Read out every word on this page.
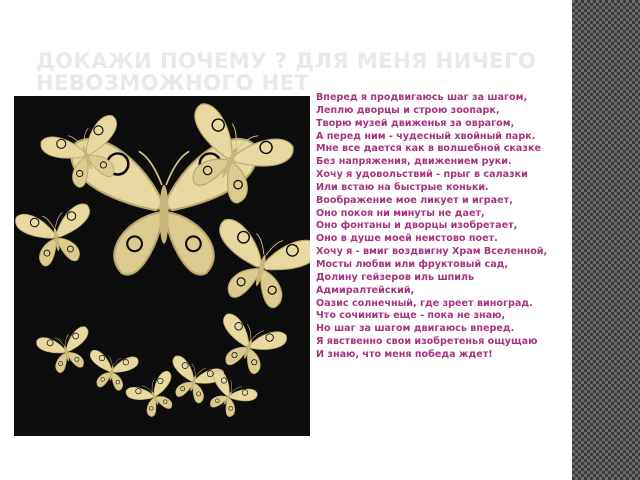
ДОКАЖИ ПОЧЕМУ ? ДЛЯ МЕНЯ НИЧЕГО НЕВОЗМОЖНОГО НЕТ
Вперед я продвигаюсь шаг за шагом,
Леплю дворцы и строю зоопарк,
Творю музей движенья за оврагом,
А перед ним - чудесный хвойный парк.
Мне все дается как в волшебной сказке
Без напряжения, движением руки.
Хочу я удовольствий - прыг в салазки
Или встаю на быстрые коньки.
Воображение мое ликует и играет,
Оно покоя ни минуты не дает,
Оно фонтаны и дворцы изобретает,
Оно в душе моей неистово поет.
Хочу я - вмиг воздвигну Храм Вселенной,
Мосты любви или фруктовый сад,
Долину гейзеров иль шпиль
Адмиралтейский,
Оазис солнечный, где зреет виноград.
Что сочинить еще - пока не знаю,
Но шаг за шагом двигаюсь вперед.
Я явственно свои изобретенья ощущаю
И знаю, что меня победа ждет!
